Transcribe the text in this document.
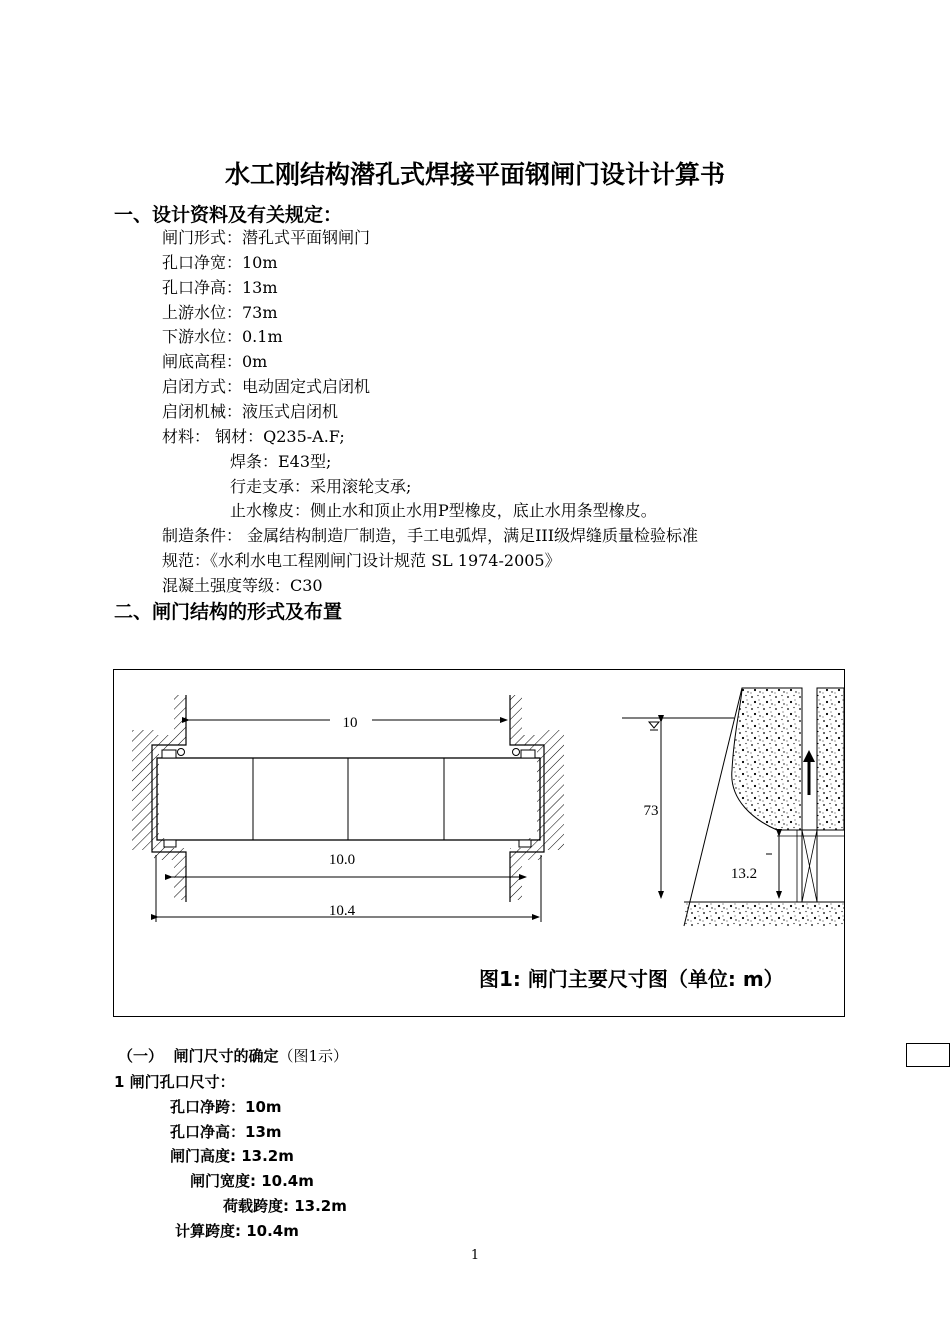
水工刚结构潜孔式焊接平面钢闸门设计计算书
一、设计资料及有关规定：
闸门形式：潜孔式平面钢闸门
孔口净宽：10m
孔口净高：13m
上游水位：73m
下游水位：0.1m
闸底高程：0m
启闭方式：电动固定式启闭机
启闭机械：液压式启闭机
材料： 钢材：Q235-A.F;
焊条：E43型;
行走支承：采用滚轮支承;
止水橡皮：侧止水和顶止水用P型橡皮，底止水用条型橡皮。
制造条件： 金属结构制造厂制造，手工电弧焊，满足III级焊缝质量检验标准
规范：《水利水电工程刚闸门设计规范 SL 1974-2005》
混凝土强度等级：C30
二、闸门结构的形式及布置
10
10.0
10.4
73
13.2
图1: 闸门主要尺寸图（单位: m）
（一） 闸门尺寸的确定（图1示）
1 闸门孔口尺寸：
孔口净跨：10m
孔口净高：13m
闸门高度: 13.2m
闸门宽度: 10.4m
荷载跨度: 13.2m
计算跨度: 10.4m
1
